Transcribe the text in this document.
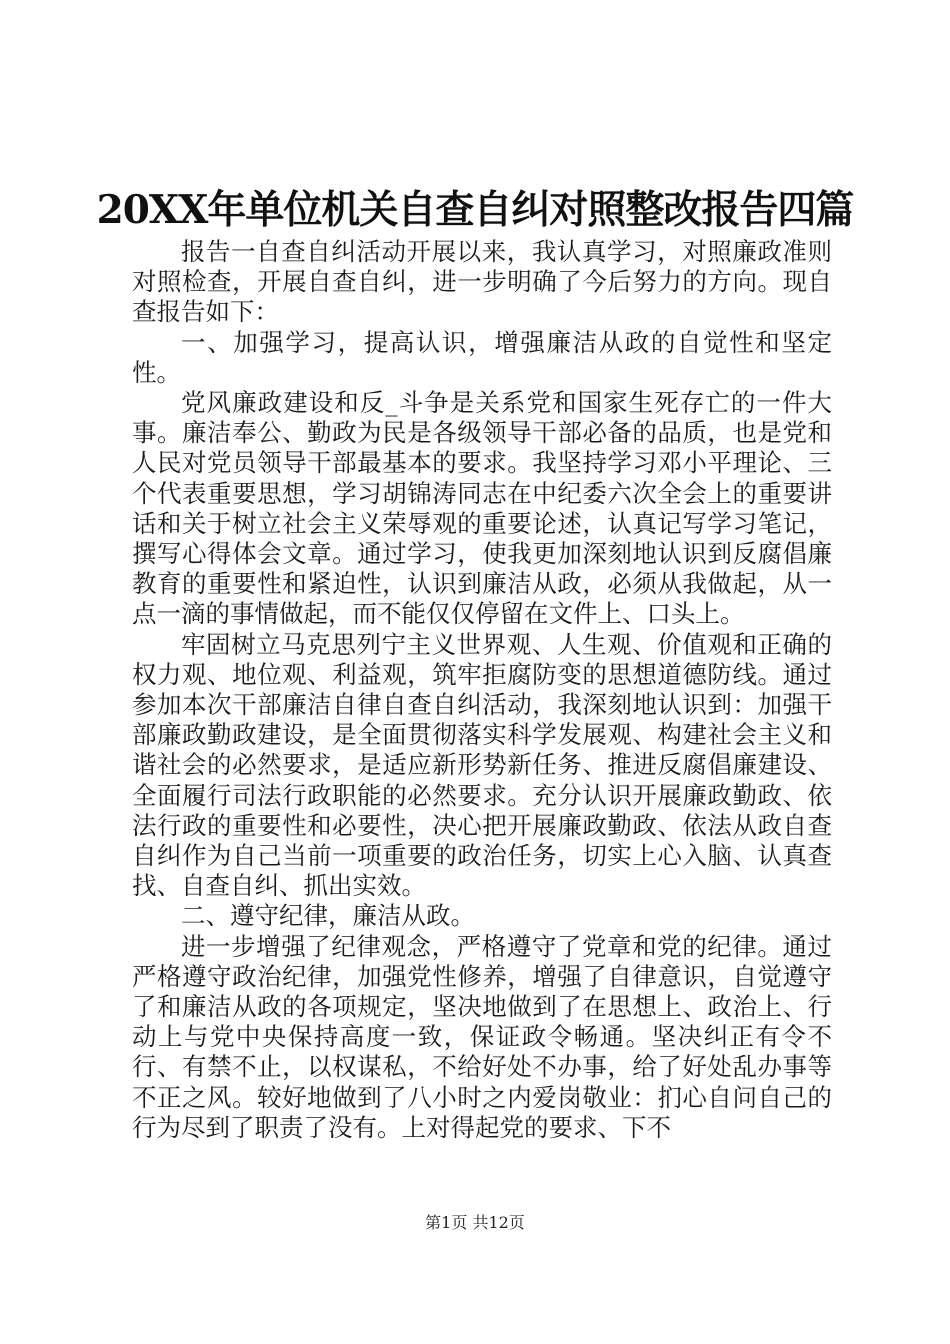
20XX年单位机关自查自纠对照整改报告四篇

报告一自查自纠活动开展以来，我认真学习，对照廉政准则对照检查，开展自查自纠，进一步明确了今后努力的方向。现自查报告如下：

一、加强学习，提高认识，增强廉洁从政的自觉性和坚定性。

党风廉政建设和反_斗争是关系党和国家生死存亡的一件大事。廉洁奉公、勤政为民是各级领导干部必备的品质，也是党和人民对党员领导干部最基本的要求。我坚持学习邓小平理论、三个代表重要思想，学习胡锦涛同志在中纪委六次全会上的重要讲话和关于树立社会主义荣辱观的重要论述，认真记写学习笔记，撰写心得体会文章。通过学习，使我更加深刻地认识到反腐倡廉教育的重要性和紧迫性，认识到廉洁从政，必须从我做起，从一点一滴的事情做起，而不能仅仅停留在文件上、口头上。

牢固树立马克思列宁主义世界观、人生观、价值观和正确的权力观、地位观、利益观，筑牢拒腐防变的思想道德防线。通过参加本次干部廉洁自律自查自纠活动，我深刻地认识到：加强干部廉政勤政建设，是全面贯彻落实科学发展观、构建社会主义和谐社会的必然要求，是适应新形势新任务、推进反腐倡廉建设、全面履行司法行政职能的必然要求。充分认识开展廉政勤政、依法行政的重要性和必要性，决心把开展廉政勤政、依法从政自查自纠作为自己当前一项重要的政治任务，切实上心入脑、认真查找、自查自纠、抓出实效。

二、遵守纪律，廉洁从政。

进一步增强了纪律观念，严格遵守了党章和党的纪律。通过严格遵守政治纪律，加强党性修养，增强了自律意识，自觉遵守了和廉洁从政的各项规定，坚决地做到了在思想上、政治上、行动上与党中央保持高度一致，保证政令畅通。坚决纠正有令不行、有禁不止，以权谋私，不给好处不办事，给了好处乱办事等不正之风。较好地做到了八小时之内爱岗敬业：扪心自问自己的行为尽到了职责了没有。上对得起党的要求、下不

第1页 共12页
